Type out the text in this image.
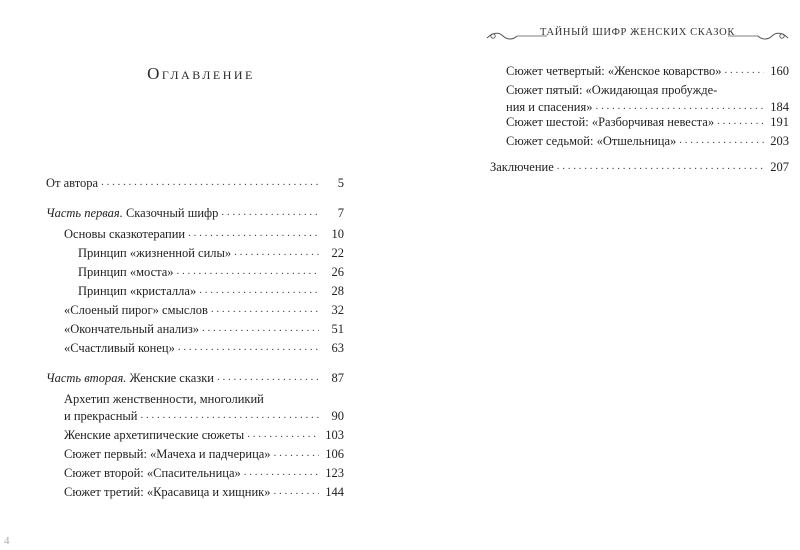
Оглавление
От автора . . .	5
Часть первая. Сказочный шифр . . .	7
Основы сказкотерапии . . .	10
Принцип «жизненной силы» . . .	22
Принцип «моста» . . .	26
Принцип «кристалла» . . .	28
«Слоеный пирог» смыслов . . .	32
«Окончательный анализ» . . .	51
«Счастливый конец» . . .	63
Часть вторая. Женские сказки . . .	87
Архетип женственности, многоликий
и прекрасный . . .	90
Женские архетипические сюжеты . . .	103
Сюжет первый: «Мачеха и падчерица» . . .	106
Сюжет второй: «Спасительница» . . .	123
Сюжет третий: «Красавица и хищник» . . .	144
4
ТАЙНЫЙ ШИФР ЖЕНСКИХ СКАЗОК
Сюжет четвертый: «Женское коварство» . . .	160
Сюжет пятый: «Ожидающая пробужде-
ния и спасения» . . .	184
Сюжет шестой: «Разборчивая невеста» . . .	191
Сюжет седьмой: «Отшельница» . . .	203
Заключение . . .	207
